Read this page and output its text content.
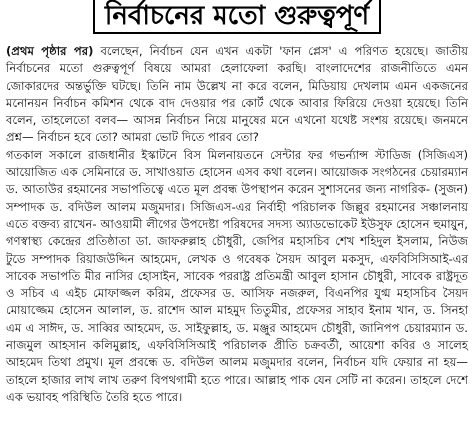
নির্বাচনের মতো গুরুত্বপূর্ণ

(প্রথম পৃষ্ঠার পর) বলেছেন, নির্বাচন যেন এখন একটা 'ফান প্লেস' এ পরিণত হয়েছে। জাতীয় নির্বাচনের মতো গুরুত্বপূর্ণ বিষয়ে আমরা হেলাফেলা করছি। বাংলাদেশের রাজনীতিতে এমন জোকারদের অন্তর্ভুক্তি ঘটছে। তিনি নাম উল্লেখ না করে বলেন, মিডিয়ায় দেখলাম এমন একজনের মনোনয়ন নির্বাচন কমিশন থেকে বাদ দেওয়ার পর কোর্ট থেকে আবার ফিরিয়ে দেওয়া হয়েছে। তিনি বলেন, তাহলেতো বলব— আসন্ন নির্বাচন নিয়ে মানুষের মনে এখনো যথেষ্ট সংশয় রয়েছে। জনমনে প্রশ্ন— নির্বাচন হবে তো? আমরা ভোট দিতে পারব তো?

গতকাল সকালে রাজধানীর ইস্কাটনে বিস মিলনায়তনে সেন্টার ফর গভর্ন্যান্স স্টাডিজ (সিজিএস) আয়োজিত এক সেমিনারে ড. সাখাওয়াত হোসেন এসব কথা বলেন। আয়োজক সংগঠনের চেয়ারম্যান ড. আতাউর রহমানের সভাপতিত্বে এতে মূল প্রবন্ধ উপস্থাপন করেন সুশাসনের জন্য নাগরিক- (সুজন) সম্পাদক ড. বদিউল আলম মজুমদার। সিজিএস-এর নির্বাহী পরিচালক জিল্লুর রহমানের সঞ্চালনায় এতে বক্তব্য রাখেন- আওয়ামী লীগের উপদেষ্টা পরিষদের সদস্য অ্যাডভোকেট ইউসুফ হোসেন হুমায়ুন, গণস্বাস্থ্য কেন্দ্রের প্রতিষ্ঠাতা ডা. জাফরুল্লাহ চৌধুরী, জেপির মহাসচিব শেখ শহিদুল ইসলাম, নিউজ টুডে সম্পাদক রিয়াজউদ্দিন আহমেদ, লেখক ও গবেষক সৈয়দ আবুল মকসুদ, এফবিসিসিআই-এর সাবেক সভাপতি মীর নাসির হোসাইন, সাবেক পররাষ্ট্র প্রতিমন্ত্রী আবুল হাসান চৌধুরী, সাবেক রাষ্ট্রদূত ও সচিব এ এইচ মোফাজ্জল করিম, প্রফেসর ড. আসিফ নজরুল, বিএনপির যুগ্ম মহাসচিব সৈয়দ মোয়াজ্জেম হোসেন আলাল, ড. রাশেদ আল মাহমুদ তিতুমীর, প্রফেসর সাহাব ইনাম খান, ড. সিনহা এম এ সাঈদ, ড. সাব্বির আহমেদ, ড. সাইফুল্লাহ, ড. মঞ্জুর আহমেদ চৌধুরী, জানিপপ চেয়ারম্যান ড. নাজমুল আহসান কলিমুল্লাহ, এফবিসিসিআই পরিচালক প্রীতি চক্রবর্তী, আয়েশা কবির ও সালেহ আহমেদ তিথা প্রমুখ। মূল প্রবন্ধে ড. বদিউল আলম মজুমদার বলেন, নির্বাচন যদি ফেয়ার না হয়— তাহলে হাজার লাখ লাখ তরুণ বিপথগামী হতে পারে। আল্লাহ পাক যেন সেটি না করেন। তাহলে দেশে এক ভয়াবহ পরিস্থিতি তৈরি হতে পারে।
